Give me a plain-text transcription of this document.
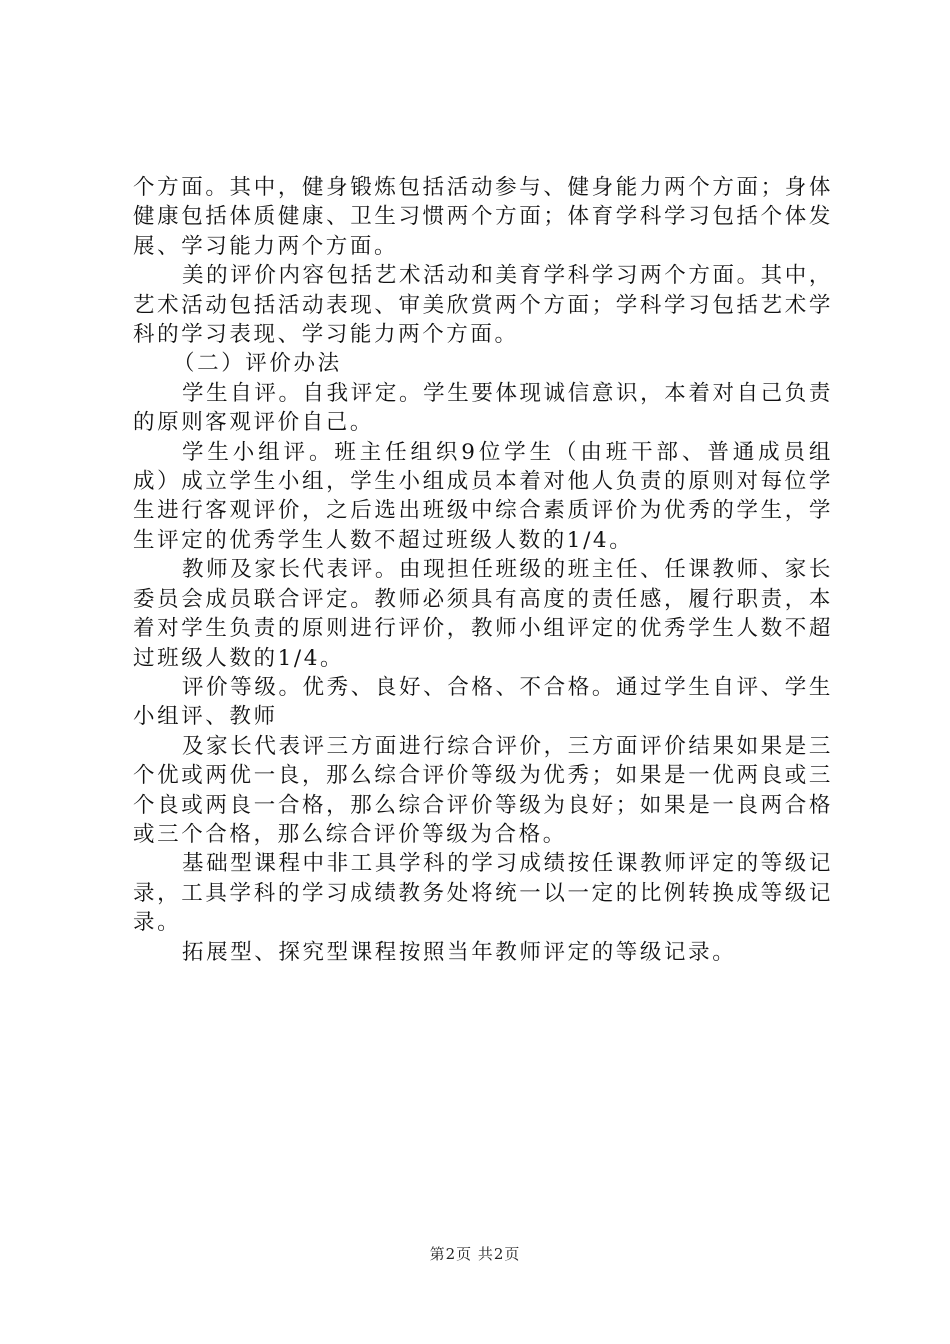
个方面。其中，健身锻炼包括活动参与、健身能力两个方面；身体健康包括体质健康、卫生习惯两个方面；体育学科学习包括个体发展、学习能力两个方面。

美的评价内容包括艺术活动和美育学科学习两个方面。其中，艺术活动包括活动表现、审美欣赏两个方面；学科学习包括艺术学科的学习表现、学习能力两个方面。

（二）评价办法

学生自评。自我评定。学生要体现诚信意识，本着对自己负责的原则客观评价自己。

学生小组评。班主任组织9位学生（由班干部、普通成员组成）成立学生小组，学生小组成员本着对他人负责的原则对每位学生进行客观评价，之后选出班级中综合素质评价为优秀的学生，学生评定的优秀学生人数不超过班级人数的1/4。

教师及家长代表评。由现担任班级的班主任、任课教师、家长委员会成员联合评定。教师必须具有高度的责任感，履行职责，本着对学生负责的原则进行评价，教师小组评定的优秀学生人数不超过班级人数的1/4。

评价等级。优秀、良好、合格、不合格。通过学生自评、学生小组评、教师

及家长代表评三方面进行综合评价，三方面评价结果如果是三个优或两优一良，那么综合评价等级为优秀；如果是一优两良或三个良或两良一合格，那么综合评价等级为良好；如果是一良两合格或三个合格，那么综合评价等级为合格。

基础型课程中非工具学科的学习成绩按任课教师评定的等级记录，工具学科的学习成绩教务处将统一以一定的比例转换成等级记录。

拓展型、探究型课程按照当年教师评定的等级记录。

第2页 共2页
